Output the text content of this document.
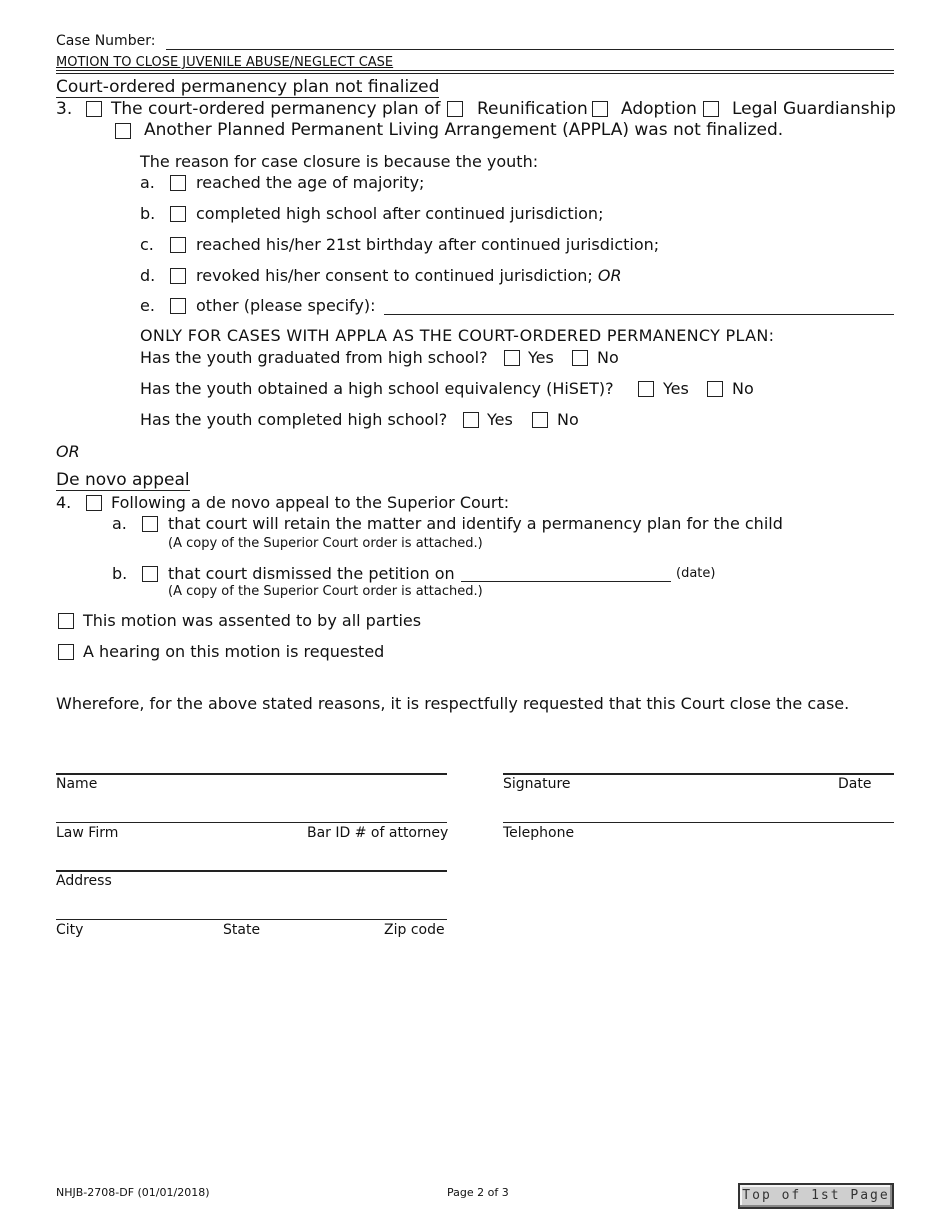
Case Number:
MOTION TO CLOSE JUVENILE ABUSE/NEGLECT CASE
Court-ordered permanency plan not finalized
3. The court-ordered permanency plan of Reunification Adoption Legal Guardianship
Another Planned Permanent Living Arrangement (APPLA) was not finalized.
The reason for case closure is because the youth:
a.	reached the age of majority;
b.	completed high school after continued jurisdiction;
c.	reached his/her 21st birthday after continued jurisdiction;
d.	revoked his/her consent to continued jurisdiction; OR
e.	other (please specify):
ONLY FOR CASES WITH APPLA AS THE COURT-ORDERED PERMANENCY PLAN:
Has the youth graduated from high school?	Yes	No
Has the youth obtained a high school equivalency (HiSET)?	Yes	No
Has the youth completed high school? Yes	No
OR
De novo appeal
4. Following a de novo appeal to the Superior Court:
a.	that court will retain the matter and identify a permanency plan for the child
(A copy of the Superior Court order is attached.)
b.	that court dismissed the petition on	(date)
(A copy of the Superior Court order is attached.)
This motion was assented to by all parties
A hearing on this motion is requested
Wherefore, for the above stated reasons, it is respectfully requested that this Court close the case.
Name	Signature	Date
Law Firm	Bar ID # of attorney	Telephone
Address
City	State	Zip code
NHJB-2708-DF (01/01/2018)	Page 2 of 3	Top of 1st Page
